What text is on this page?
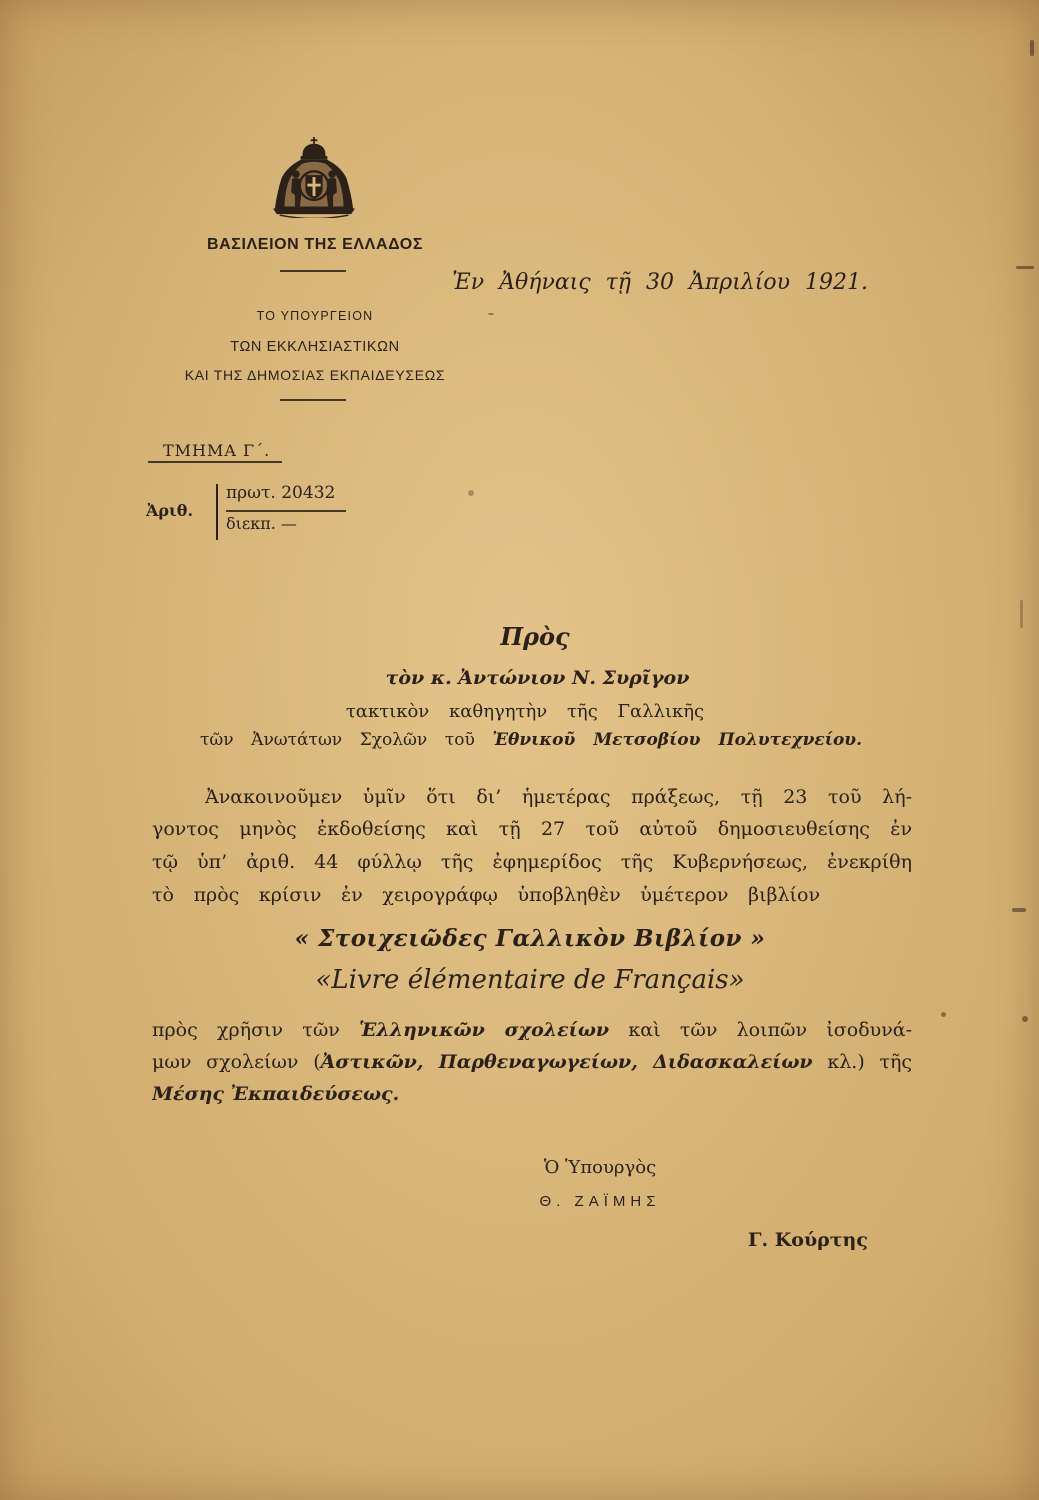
ΒΑΣΙΛΕΙΟΝ ΤΗΣ ΕΛΛΑΔΟΣ
ΤΟ ΥΠΟΥΡΓΕΙΟΝ
ΤΩΝ ΕΚΚΛΗΣΙΑΣΤΙΚΩΝ
ΚΑΙ ΤΗΣ ΔΗΜΟΣΙΑΣ ΕΚΠΑΙΔΕΥΣΕΩΣ
Ἐν Ἀθήναις τῇ 30 Ἀπριλίου 1921.
ΤΜΗΜΑ Γ΄.
Ἀριθ.
πρωτ. 20432
διεκπ. —
Πρὸς
τὸν κ. Ἀντώνιον Ν. Συρῖγον
τακτικὸν καθηγητὴν τῆς Γαλλικῆς
τῶν Ἀνωτάτων Σχολῶν τοῦ Ἐθνικοῦ Μετσοβίου Πολυτεχνείου.
Ἀνακοινοῦμεν ὑμῖν ὅτι δι’ ἡμετέρας πράξεως, τῇ 23 τοῦ λή-
γοντος μηνὸς ἐκδοθείσης καὶ τῇ 27 τοῦ αὐτοῦ δημοσιευθείσης ἐν
τῷ ὑπ’ ἀριθ. 44 φύλλῳ τῆς ἐφημερίδος τῆς Κυβερνήσεως, ἐνεκρίθη
τὸ πρὸς κρίσιν ἐν χειρογράφῳ ὑποβληθὲν ὑμέτερον βιβλίον
« Στοιχειῶδες Γαλλικὸν Βιβλίον »
«Livre élémentaire de Français»
πρὸς χρῆσιν τῶν Ἑλληνικῶν σχολείων καὶ τῶν λοιπῶν ἰσοδυνά-
μων σχολείων (Ἀστικῶν, Παρθεναγωγείων, Διδασκαλείων κλ.) τῆς
Μέσης Ἐκπαιδεύσεως.
Ὁ Ὑπουργὸς
Θ. ΖΑΪΜΗΣ
Γ. Κούρτης
